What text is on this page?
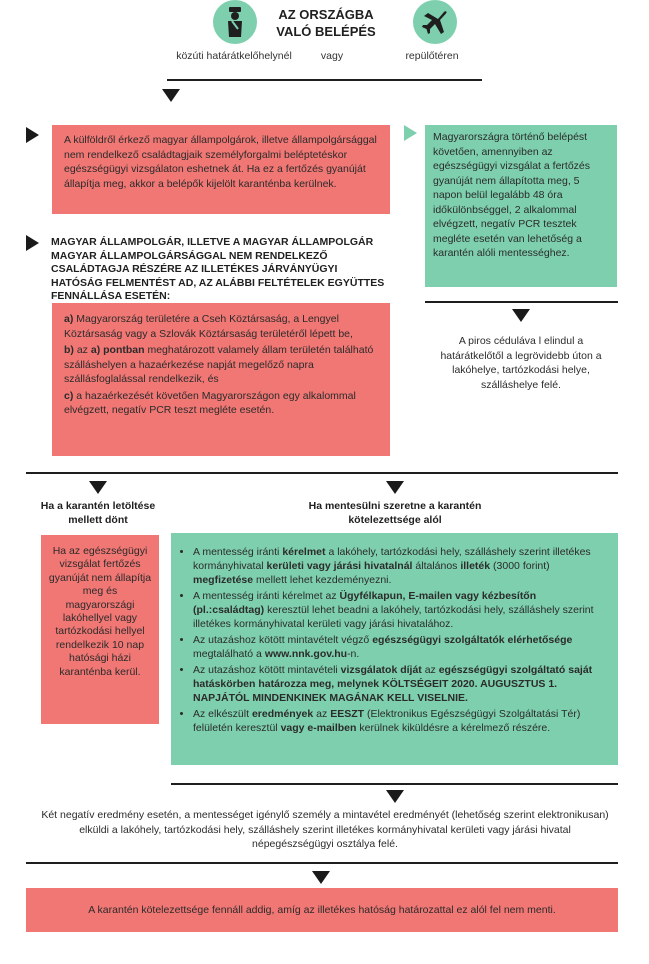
AZ ORSZÁGBA VALÓ BELÉPÉS
közúti határátkelőhelynél	vagy	repülőtéren
A külföldről érkező magyar állampolgárok, illetve állampolgársággal nem rendelkező családtagjaik személyforgalmi beléptetéskor egészségügyi vizsgálaton eshetnek át. Ha ez a fertőzés gyanúját állapítja meg, akkor a belépők kijelölt karanténba kerülnek.
Magyarországra történő belépést követően, amennyiben az egészségügyi vizsgálat a fertőzés gyanúját nem állapította meg, 5 napon belül legalább 48 óra időkülönbséggel, 2 alkalommal elvégzett, negatív PCR tesztek megléte esetén van lehetőség a karantén alóli mentességhez.
A piros céduláva l elindul a határátkelőtől a legrövidebb úton a lakóhelye, tartózkodási helye, szálláshelye felé.
MAGYAR ÁLLAMPOLGÁR, ILLETVE A MAGYAR ÁLLAMPOLGÁR MAGYAR ÁLLAMPOLGÁRSÁGGAL NEM RENDELKEZŐ CSALÁDTAGJA RÉSZÉRE AZ ILLETÉKES JÁRVÁNYÜGYI HATÓSÁG FELMENTÉST AD, AZ ALÁBBI FELTÉTELEK EGYÜTTES FENNÁLLÁSA ESETÉN:

a) Magyarország területére a Cseh Köztársaság, a Lengyel Köztársaság vagy a Szlovák Köztársaság területéről lépett be,

b) az a) pontban meghatározott valamely állam területén található szálláshelyen a hazaérkezése napját megelőző napra szállásfoglalással rendelkezik, és

c) a hazaérkezését követően Magyarországon egy alkalommal elvégzett, negatív PCR teszt megléte esetén.

Ha a karantén letöltése mellett dönt
Ha mentesülni szeretne a karantén kötelezettsége alól
Ha az egészségügyi vizsgálat fertőzés gyanúját nem állapítja meg és magyarországi lakóhellyel vagy tartózkodási hellyel rendelkezik 10 nap hatósági házi karanténba kerül.
• A mentesség iránti kérelmet a lakóhely, tartózkodási hely, szálláshely szerint illetékes kormányhivatal kerületi vagy járási hivatalnál általános illeték (3000 forint) megfizetése mellett lehet kezdeményezni.
• A mentesség iránti kérelmet az Ügyfélkapun, E-mailen vagy kézbesítőn (pl.:családtag) keresztül lehet beadni a lakóhely, tartózkodási hely, szálláshely szerint illetékes kormányhivatal kerületi vagy járási hivatalához.
• Az utazáshoz kötött mintavételt végző egészségügyi szolgáltatók elérhetősége megtalálható a www.nnk.gov.hu-n.
• Az utazáshoz kötött mintavételi vizsgálatok díját az egészségügyi szolgáltató saját hatáskörben határozza meg, melynek KÖLTSÉGEIT 2020. AUGUSZTUS 1. NAPJÁTÓL MINDENKINEK MAGÁNAK KELL VISELNIE.
• Az elkészült eredmények az EESZT (Elektronikus Egészségügyi Szolgáltatási Tér) felületén keresztül vagy e-mailben kerülnek kiküldésre a kérelmező részére.
Két negatív eredmény esetén, a mentességet igénylő személy a mintavétel eredményét (lehetőség szerint elektronikusan) elküldi a lakóhely, tartózkodási hely, szálláshely szerint illetékes kormányhivatal kerületi vagy járási hivatal népegészségügyi osztálya felé.
A karantén kötelezettsége fennáll addig, amíg az illetékes hatóság határozattal ez alól fel nem menti.
